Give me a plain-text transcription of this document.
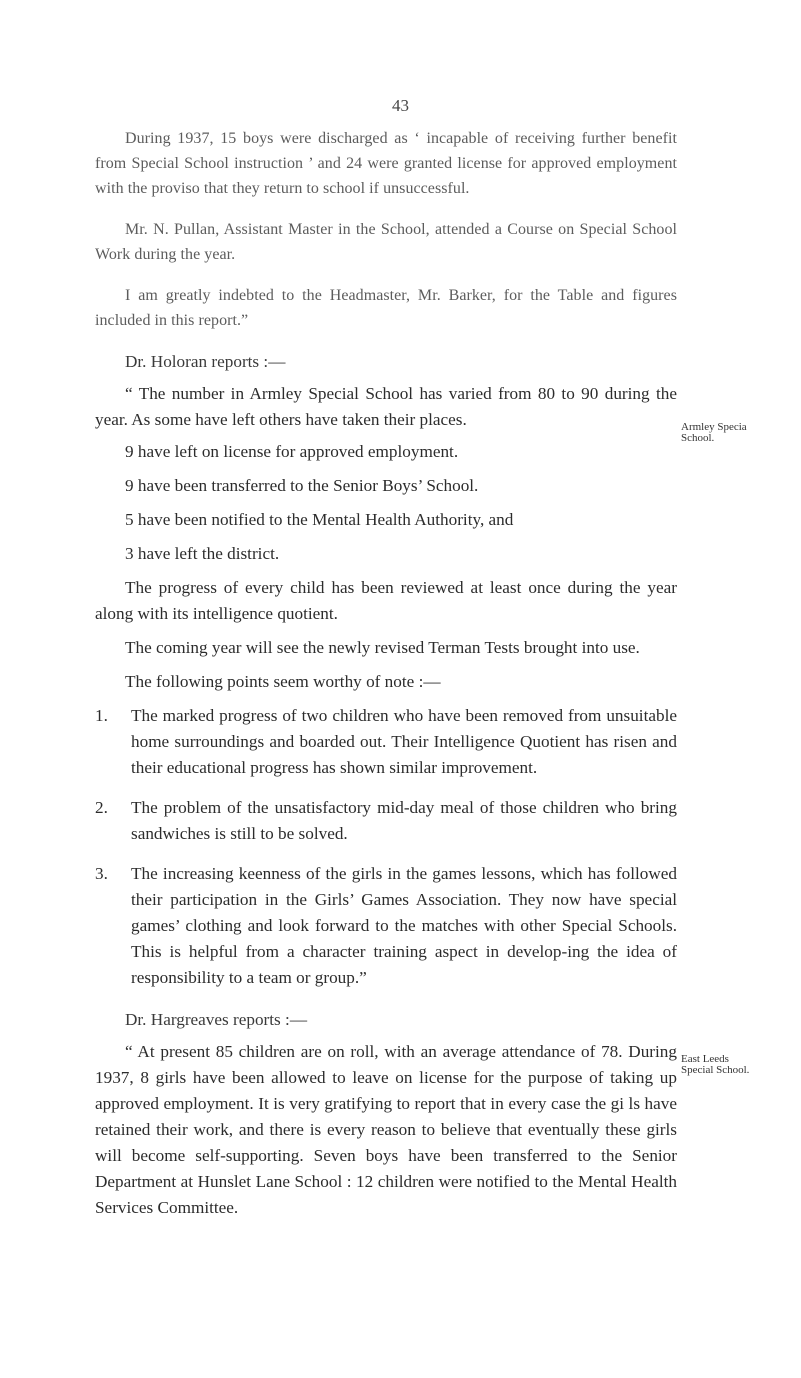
43

During 1937, 15 boys were discharged as ‘ incapable of receiving further benefit from Special School instruction ’ and 24 were granted license for approved employment with the proviso that they return to school if unsuccessful.

Mr. N. Pullan, Assistant Master in the School, attended a Course on Special School Work during the year.

I am greatly indebted to the Headmaster, Mr. Barker, for the Table and figures included in this report.”

Dr. Holoran reports :—

“ The number in Armley Special School has varied from 80 to 90 during the year. As some have left others have taken their places.

9 have left on license for approved employment.

9 have been transferred to the Senior Boys’ School.

5 have been notified to the Mental Health Authority, and

3 have left the district.

The progress of every child has been reviewed at least once during the year along with its intelligence quotient.

The coming year will see the newly revised Terman Tests brought into use.

The following points seem worthy of note :—

1. The marked progress of two children who have been removed from unsuitable home surroundings and boarded out. Their Intelligence Quotient has risen and their educational progress has shown similar improvement.
2. The problem of the unsatisfactory mid-day meal of those children who bring sandwiches is still to be solved.
3. The increasing keenness of the girls in the games lessons, which has followed their participation in the Girls’ Games Association. They now have special games’ clothing and look forward to the matches with other Special Schools. This is helpful from a character training aspect in develop-ing the idea of responsibility to a team or group.”

Dr. Hargreaves reports :—

“ At present 85 children are on roll, with an average attendance of 78. During 1937, 8 girls have been allowed to leave on license for the purpose of taking up approved employment. It is very gratifying to report that in every case the gi ls have retained their work, and there is every reason to believe that eventually these girls will become self-supporting. Seven boys have been transferred to the Senior Department at Hunslet Lane School : 12 children were notified to the Mental Health Services Committee.

Armley Specia
School.
East Leeds
Special School.
